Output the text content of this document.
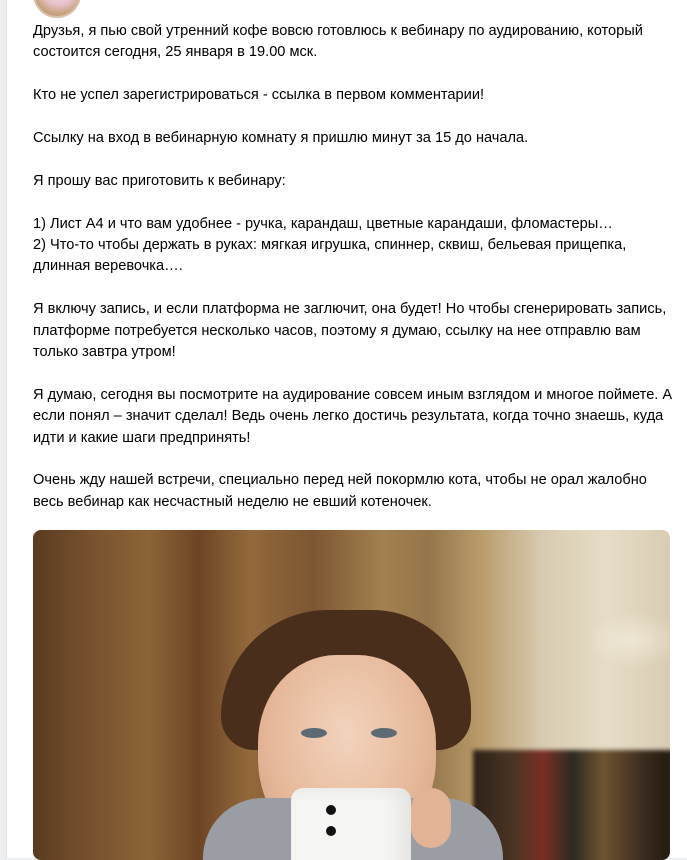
Друзья, я пью свой утренний кофе вовсю готовлюсь к вебинару по аудированию, который состоится сегодня, 25 января в 19.00 мск.

Кто не успел зарегистрироваться - ссылка в первом комментарии!

Ссылку на вход в вебинарную комнату я пришлю минут за 15 до начала.

Я прошу вас приготовить к вебинару:

1) Лист А4 и что вам удобнее - ручка, карандаш, цветные карандаши, фломастеры…

2) Что-то чтобы держать в руках: мягкая игрушка, спиннер, сквиш, бельевая прищепка, длинная веревочка….

Я включу запись, и если платформа не заглючит, она будет! Но чтобы сгенерировать запись, платформе потребуется несколько часов, поэтому я думаю, ссылку на нее отправлю вам только завтра утром!

Я думаю, сегодня вы посмотрите на аудирование совсем иным взглядом и многое поймете. А если понял – значит сделал! Ведь очень легко достичь результата, когда точно знаешь, куда идти и какие шаги предпринять!

Очень жду нашей встречи, специально перед ней покормлю кота, чтобы не орал жалобно весь вебинар как несчастный неделю не евший котеночек.
